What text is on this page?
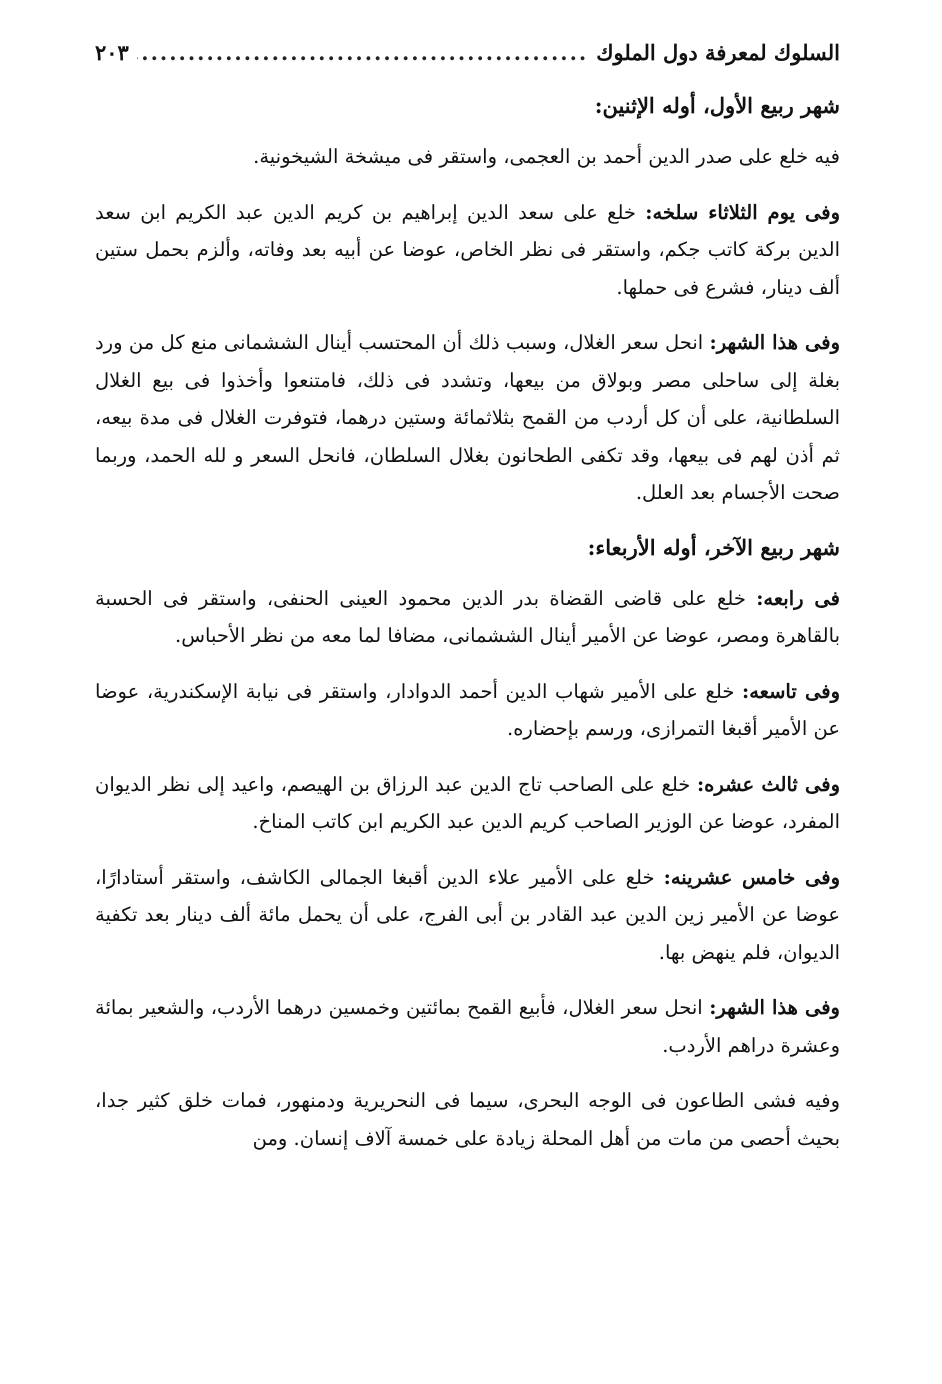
السلوك لمعرفة دول الملوك
.....
٢٠٣
شهر ربيع الأول، أوله الإثنين:

فيه خلع على صدر الدين أحمد بن العجمى، واستقر فى ميشخة الشيخونية.

وفى يوم الثلاثاء سلخه: خلع على سعد الدين إبراهيم بن كريم الدين عبد الكريم ابن سعد الدين بركة كاتب جكم، واستقر فى نظر الخاص، عوضا عن أبيه بعد وفاته، وألزم بحمل ستين ألف دينار، فشرع فى حملها.

وفى هذا الشهر: انحل سعر الغلال، وسبب ذلك أن المحتسب أينال الششمانى منع كل من ورد بغلة إلى ساحلى مصر وبولاق من بيعها، وتشدد فى ذلك، فامتنعوا وأخذوا فى بيع الغلال السلطانية، على أن كل أردب من القمح بثلاثمائة وستين درهما، فتوفرت الغلال فى مدة بيعه، ثم أذن لهم فى بيعها، وقد تكفى الطحانون بغلال السلطان، فانحل السعر و لله الحمد، وربما صحت الأجسام بعد العلل.

شهر ربيع الآخر، أوله الأربعاء:

فى رابعه: خلع على قاضى القضاة بدر الدين محمود العينى الحنفى، واستقر فى الحسبة بالقاهرة ومصر، عوضا عن الأمير أينال الششمانى، مضافا لما معه من نظر الأحباس.

وفى تاسعه: خلع على الأمير شهاب الدين أحمد الدوادار، واستقر فى نيابة الإسكندرية، عوضا عن الأمير أقبغا التمرازى، ورسم بإحضاره.

وفى ثالث عشره: خلع على الصاحب تاج الدين عبد الرزاق بن الهيصم، واعيد إلى نظر الديوان المفرد، عوضا عن الوزير الصاحب كريم الدين عبد الكريم ابن كاتب المناخ.

وفى خامس عشرينه: خلع على الأمير علاء الدين أقبغا الجمالى الكاشف، واستقر أستادارًا، عوضا عن الأمير زين الدين عبد القادر بن أبى الفرج، على أن يحمل مائة ألف دينار بعد تكفية الديوان، فلم ينهض بها.

وفى هذا الشهر: انحل سعر الغلال، فأبيع القمح بمائتين وخمسين درهما الأردب، والشعير بمائة وعشرة دراهم الأردب.

وفيه فشى الطاعون فى الوجه البحرى، سيما فى النحريرية ودمنهور، فمات خلق كثير جدا، بحيث أحصى من مات من أهل المحلة زيادة على خمسة آلاف إنسان. ومن
